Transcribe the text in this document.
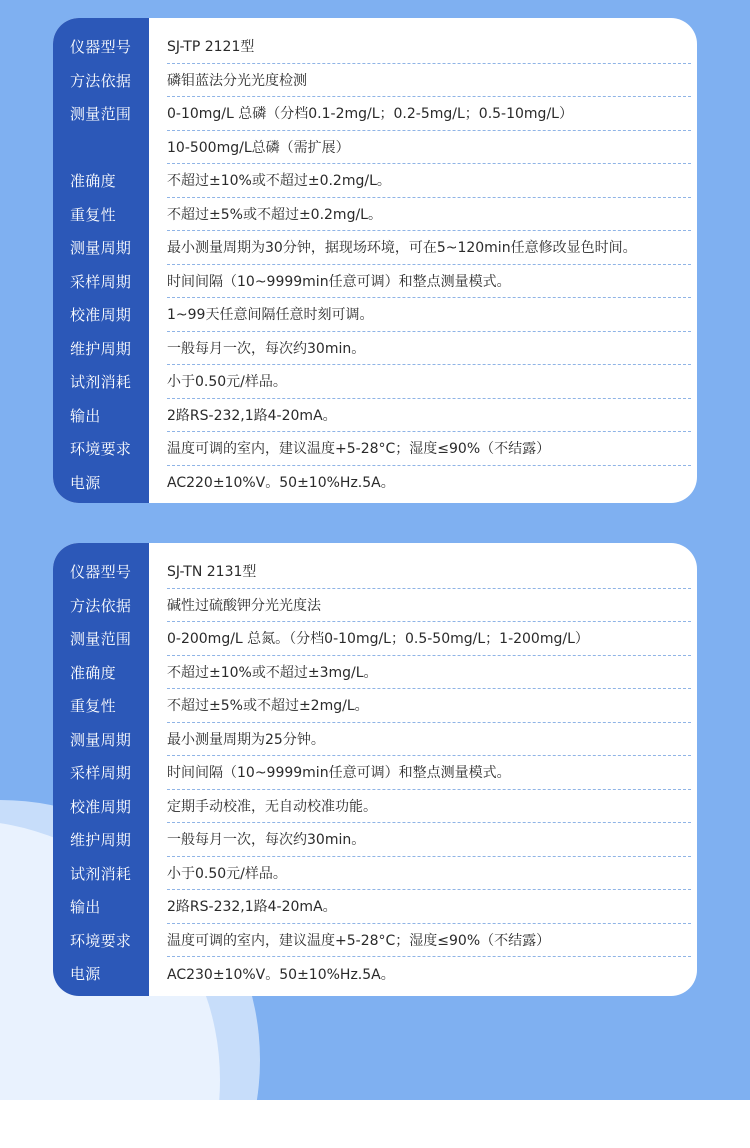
仪器型号
方法依据
测量范围
准确度
重复性
测量周期
采样周期
校准周期
维护周期
试剂消耗
输出
环境要求
电源
SJ-TP 2121型
磷钼蓝法分光光度检测
0-10mg/L 总磷（分档0.1-2mg/L；0.2-5mg/L；0.5-10mg/L）
10-500mg/L总磷（需扩展）
不超过±10%或不超过±0.2mg/L。
不超过±5%或不超过±0.2mg/L。
最小测量周期为30分钟，据现场环境，可在5~120min任意修改显色时间。
时间间隔（10~9999min任意可调）和整点测量模式。
1~99天任意间隔任意时刻可调。
一般每月一次，每次约30min。
小于0.50元/样品。
2路RS-232,1路4-20mA。
温度可调的室内，建议温度+5-28°C；湿度≤90%（不结露）
AC220±10%V。50±10%Hz.5A。
仪器型号
方法依据
测量范围
准确度
重复性
测量周期
采样周期
校准周期
维护周期
试剂消耗
输出
环境要求
电源
SJ-TN 2131型
碱性过硫酸钾分光光度法
0-200mg/L 总氮。（分档0-10mg/L；0.5-50mg/L；1-200mg/L）
不超过±10%或不超过±3mg/L。
不超过±5%或不超过±2mg/L。
最小测量周期为25分钟。
时间间隔（10~9999min任意可调）和整点测量模式。
定期手动校准，无自动校准功能。
一般每月一次，每次约30min。
小于0.50元/样品。
2路RS-232,1路4-20mA。
温度可调的室内，建议温度+5-28°C；湿度≤90%（不结露）
AC230±10%V。50±10%Hz.5A。
